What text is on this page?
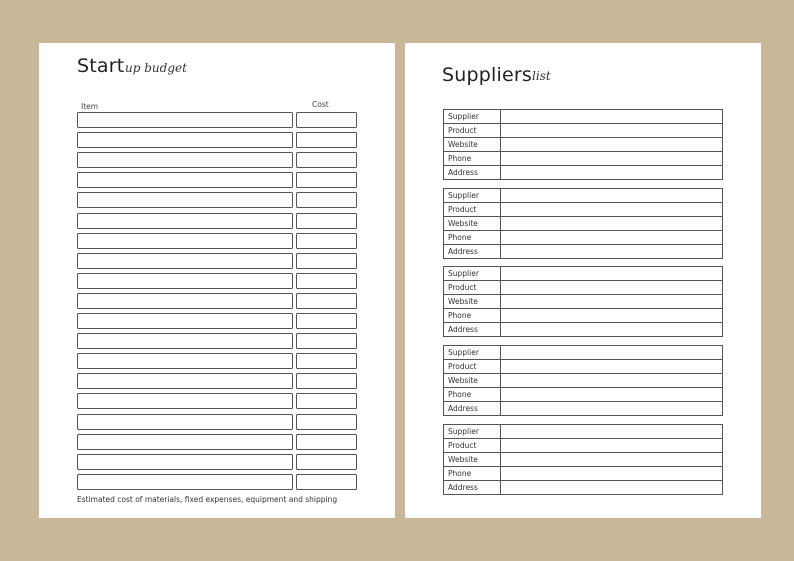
Start up budget
Item	Cost
Estimated cost of materials, fixed expenses, equipment and shipping
Suppliers list
Supplier	
Product	
Website	
Phone	
Address	
Supplier	
Product	
Website	
Phone	
Address	
Supplier	
Product	
Website	
Phone	
Address	
Supplier	
Product	
Website	
Phone	
Address	
Supplier	
Product	
Website	
Phone	
Address	
